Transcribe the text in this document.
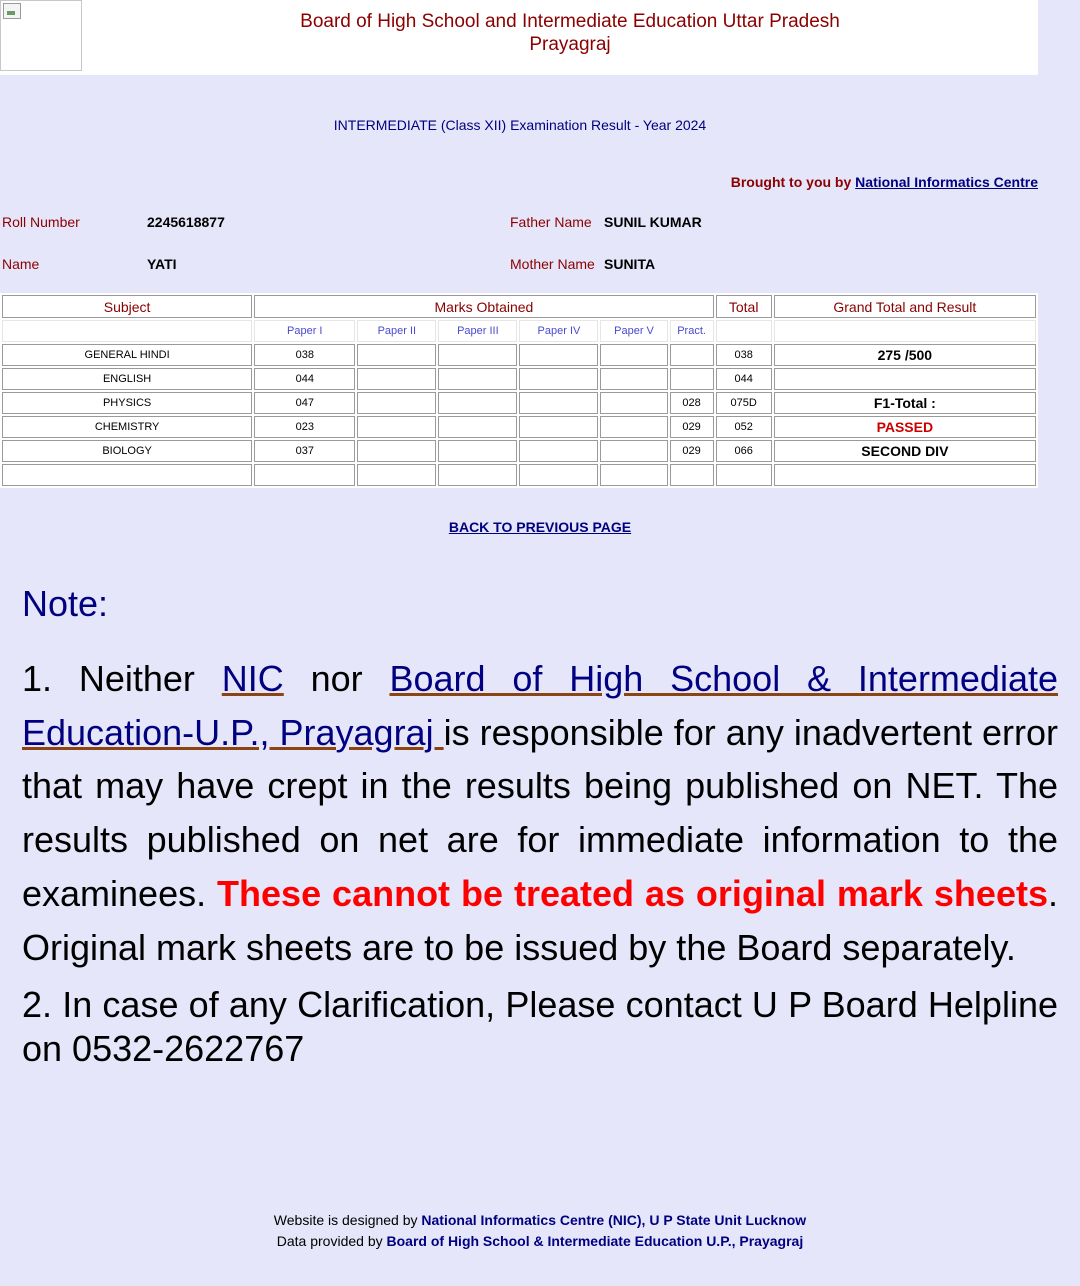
Board of High School and Intermediate Education Uttar Pradesh
Prayagraj
INTERMEDIATE (Class XII) Examination Result - Year 2024
Brought to you by National Informatics Centre
Roll Number	2245618877	Father Name SUNIL KUMAR
Name	YATI	Mother Name SUNITA
Subject	Marks Obtained						Total	Grand Total and Result
	Paper I	Paper II	Paper III	Paper IV	Paper V	Pract.		
GENERAL HINDI	038						038	275 /500
ENGLISH	044						044	
PHYSICS	047					028	075D	F1-Total :
CHEMISTRY	023					029	052	PASSED
BIOLOGY	037					029	066	SECOND DIV

BACK TO PREVIOUS PAGE
Note:

1. Neither NIC nor Board of High School & Intermediate Education-U.P., Prayagraj is responsible for any inadvertent error that may have crept in the results being published on NET. The results published on net are for immediate information to the examinees. These cannot be treated as original mark sheets. Original mark sheets are to be issued by the Board separately.

2. In case of any Clarification, Please contact U P Board Helpline on 0532-2622767

Website is designed by National Informatics Centre (NIC), U P State Unit Lucknow
Data provided by Board of High School & Intermediate Education U.P., Prayagraj
